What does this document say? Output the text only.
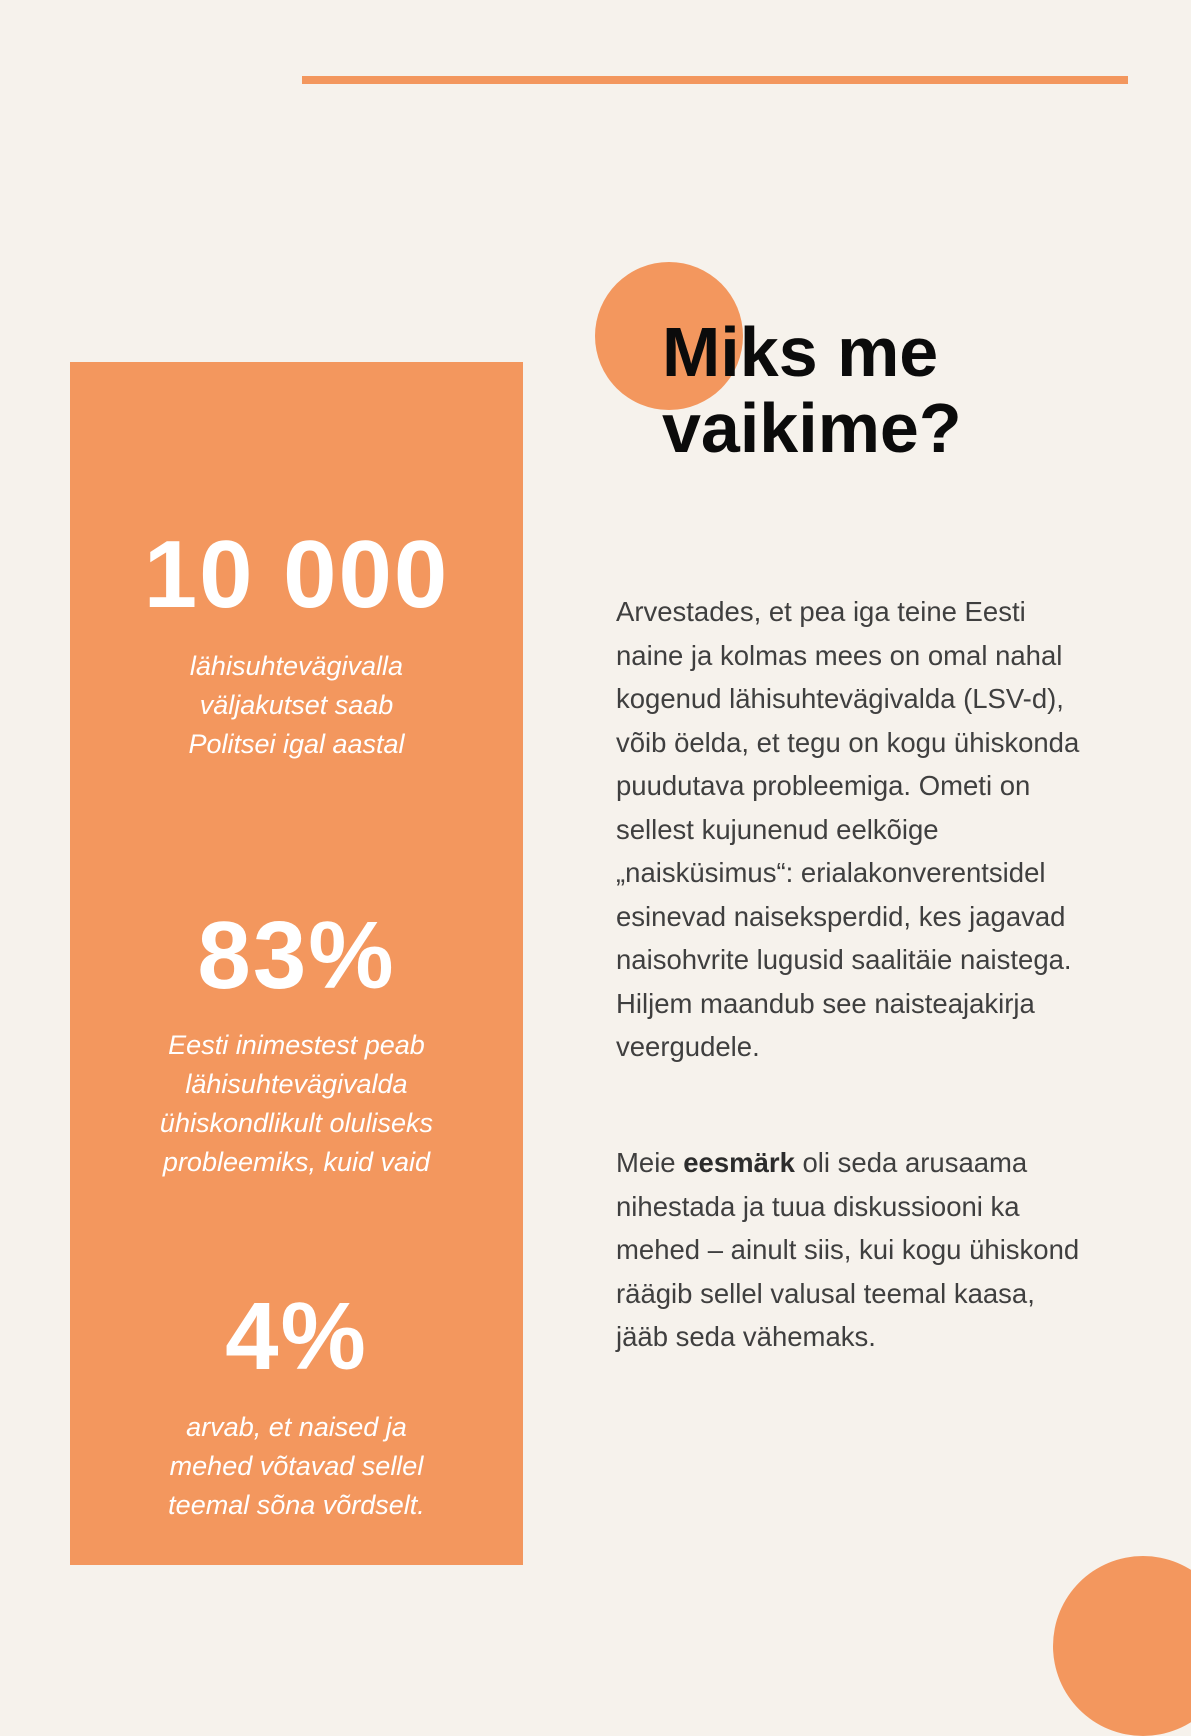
10 000
lähisuhtevägivalla
väljakutset saab
Politsei igal aastal
83%
Eesti inimestest peab
lähisuhtevägivalda
ühiskondlikult oluliseks
probleemiks, kuid vaid
4%
arvab, et naised ja
mehed võtavad sellel
teemal sõna võrdselt.
Miks me
vaikime?

Arvestades, et pea iga teine Eesti naine ja kolmas mees on omal nahal kogenud lähisuhtevägivalda (LSV-d), võib öelda, et tegu on kogu ühiskonda puudutava probleemiga. Ometi on sellest kujunenud eelkõige „naisküsimus“: erialakonverentsidel esinevad naiseksperdid, kes jagavad naisohvrite lugusid saalitäie naistega. Hiljem maandub see naisteajakirja veergudele.

Meie eesmärk oli seda arusaama nihestada ja tuua diskussiooni ka mehed – ainult siis, kui kogu ühiskond räägib sellel valusal teemal kaasa, jääb seda vähemaks.
